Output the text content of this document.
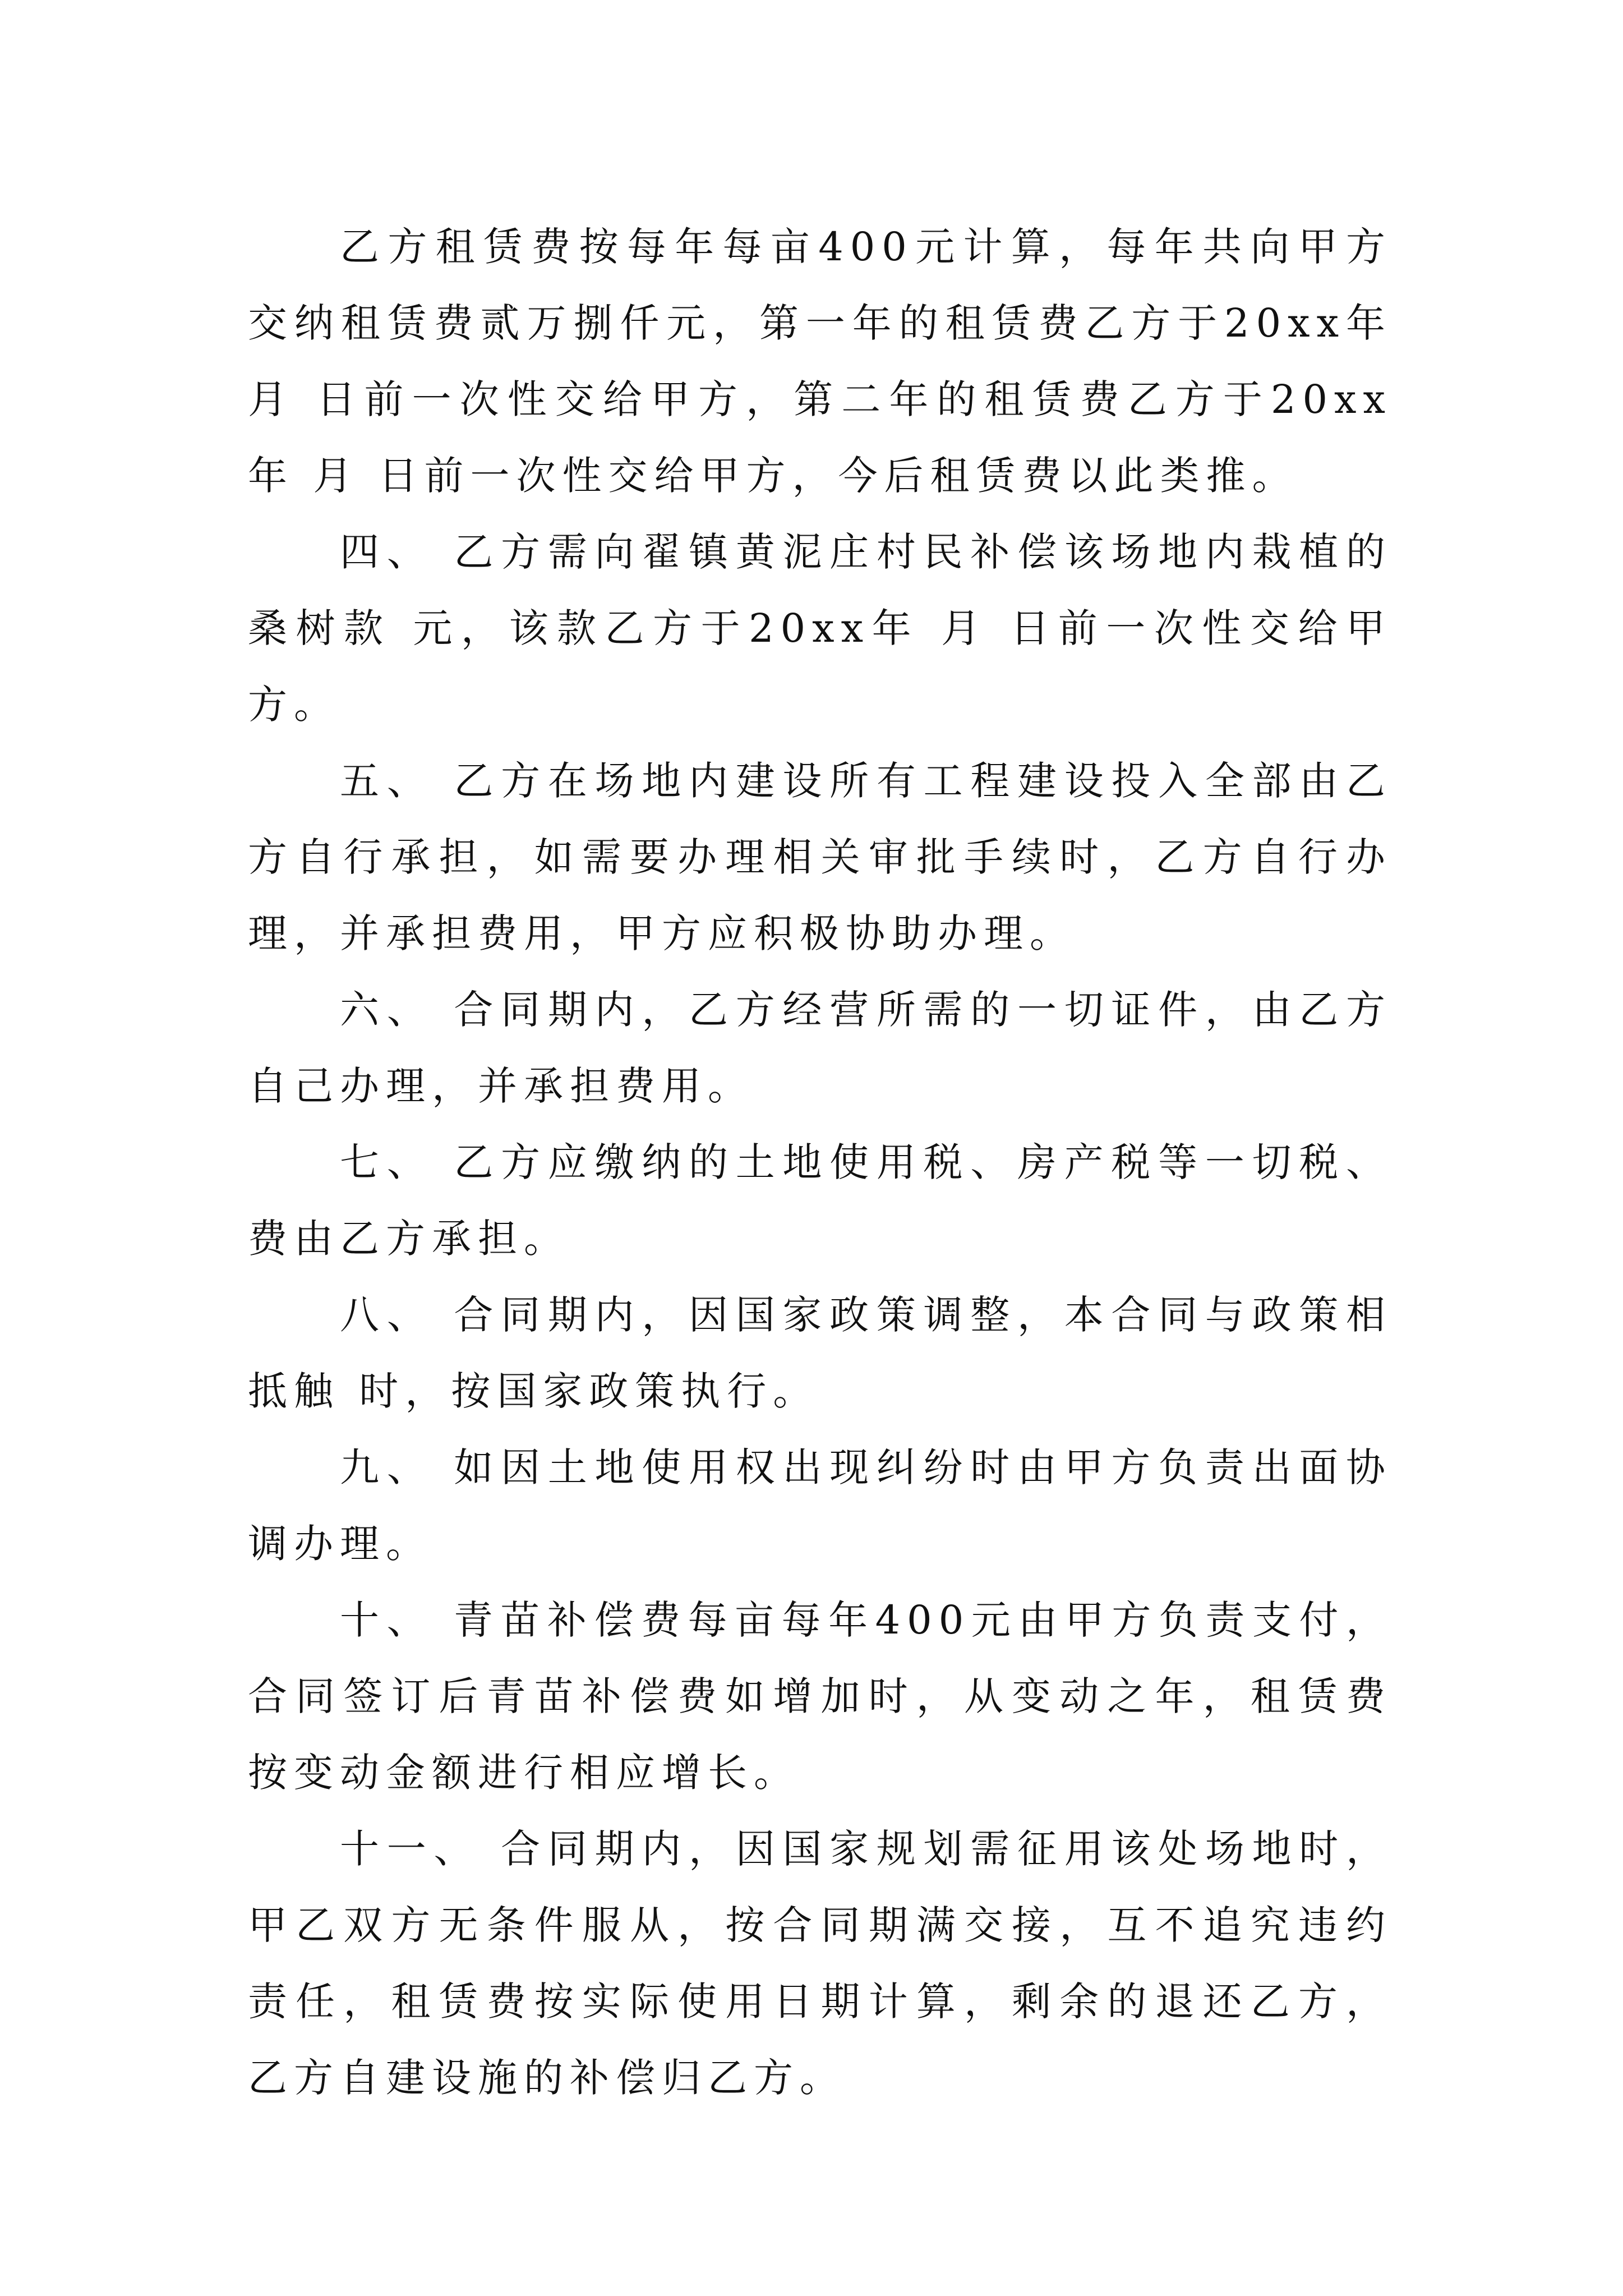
乙方租赁费按每年每亩400元计算，每年共向甲方交纳租赁费贰万捌仟元，第一年的租赁费乙方于20xx年 月 日前一次性交给甲方，第二年的租赁费乙方于20xx年 月 日前一次性交给甲方，今后租赁费以此类推。

四、 乙方需向翟镇黄泥庄村民补偿该场地内栽植的桑树款 元，该款乙方于20xx年 月 日前一次性交给甲方。

五、 乙方在场地内建设所有工程建设投入全部由乙方自行承担，如需要办理相关审批手续时，乙方自行办理，并承担费用，甲方应积极协助办理。

六、 合同期内，乙方经营所需的一切证件，由乙方自己办理，并承担费用。

七、 乙方应缴纳的土地使用税、房产税等一切税、费由乙方承担。

八、 合同期内，因国家政策调整，本合同与政策相抵触 时，按国家政策执行。

九、 如因土地使用权出现纠纷时由甲方负责出面协调办理。

十、 青苗补偿费每亩每年400元由甲方负责支付，合同签订后青苗补偿费如增加时，从变动之年，租赁费按变动金额进行相应增长。

十一、 合同期内，因国家规划需征用该处场地时，甲乙双方无条件服从，按合同期满交接，互不追究违约责任，租赁费按实际使用日期计算，剩余的退还乙方，乙方自建设施的补偿归乙方。
